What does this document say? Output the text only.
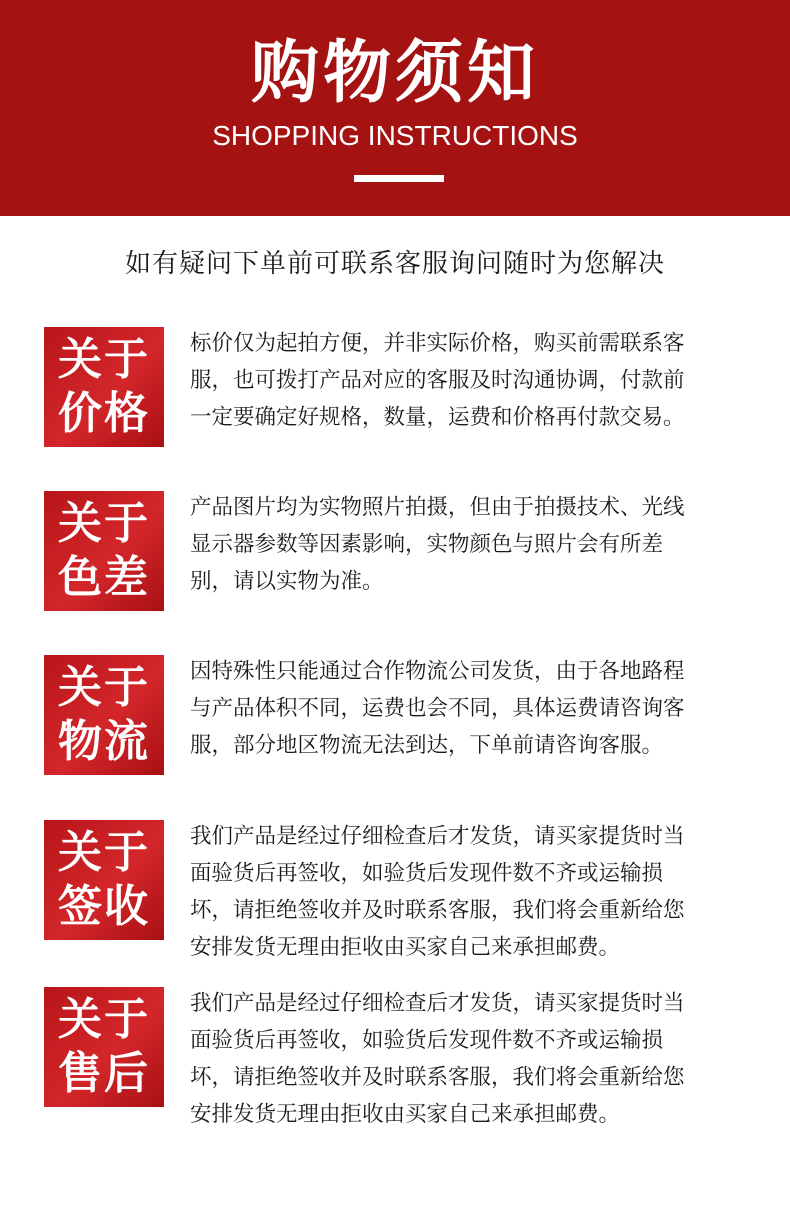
购物须知
SHOPPING INSTRUCTIONS
如有疑问下单前可联系客服询问随时为您解决
关于
价格
标价仅为起拍方便，并非实际价格，购买前需联系客
服，也可拨打产品对应的客服及时沟通协调，付款前
一定要确定好规格，数量，运费和价格再付款交易。
关于
色差
产品图片均为实物照片拍摄，但由于拍摄技术、光线
显示器参数等因素影响，实物颜色与照片会有所差
别，请以实物为准。
关于
物流
因特殊性只能通过合作物流公司发货，由于各地路程
与产品体积不同，运费也会不同，具体运费请咨询客
服，部分地区物流无法到达，下单前请咨询客服。
关于
签收
我们产品是经过仔细检查后才发货，请买家提货时当
面验货后再签收，如验货后发现件数不齐或运输损
坏，请拒绝签收并及时联系客服，我们将会重新给您
安排发货无理由拒收由买家自己来承担邮费。
关于
售后
我们产品是经过仔细检查后才发货，请买家提货时当
面验货后再签收，如验货后发现件数不齐或运输损
坏，请拒绝签收并及时联系客服，我们将会重新给您
安排发货无理由拒收由买家自己来承担邮费。
